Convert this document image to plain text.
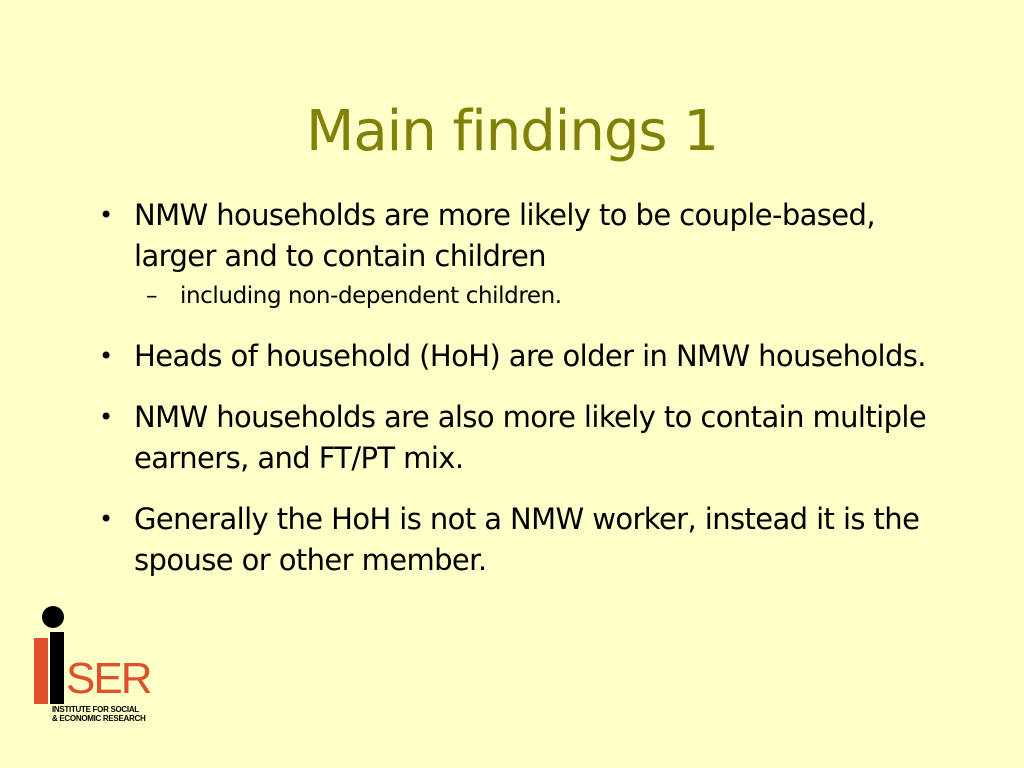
Main findings 1
• NMW households are more likely to be couple-based, larger and to contain children
– including non-dependent children.
• Heads of household (HoH) are older in NMW households.
• NMW households are also more likely to contain multiple earners, and FT/PT mix.
• Generally the HoH is not a NMW worker, instead it is the spouse or other member.
SER
INSTITUTE FOR SOCIAL
& ECONOMIC RESEARCH
